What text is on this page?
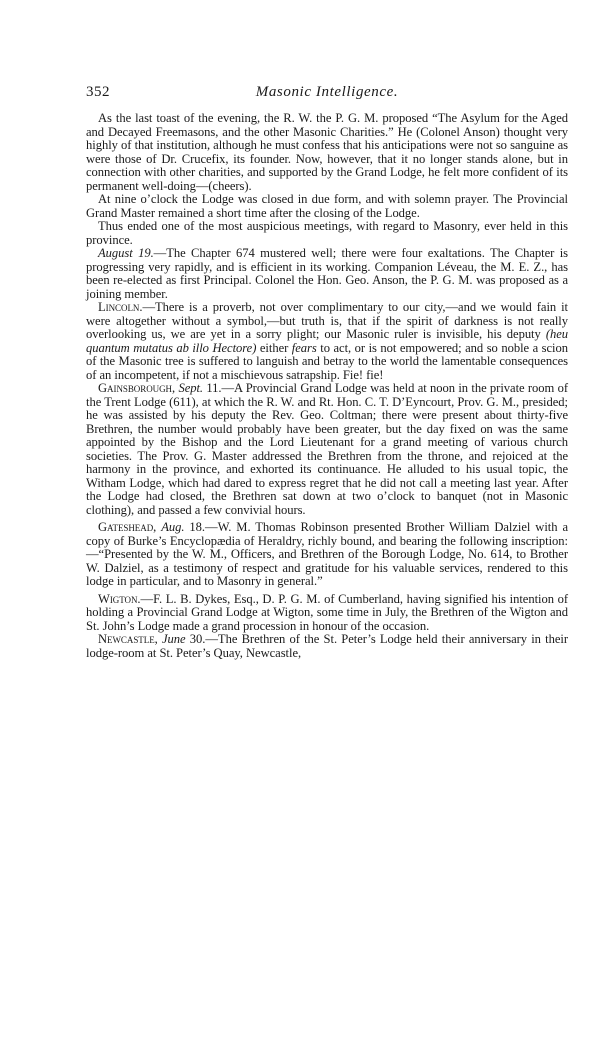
352	Masonic Intelligence.

As the last toast of the evening, the R. W. the P. G. M. proposed “The Asylum for the Aged and Decayed Freemasons, and the other Masonic Charities.” He (Colonel Anson) thought very highly of that institution, although he must confess that his anticipations were not so sanguine as were those of Dr. Crucefix, its founder. Now, however, that it no longer stands alone, but in connection with other charities, and supported by the Grand Lodge, he felt more confident of its permanent well-doing—(cheers).

At nine o’clock the Lodge was closed in due form, and with solemn prayer. The Provincial Grand Master remained a short time after the closing of the Lodge.

Thus ended one of the most auspicious meetings, with regard to Masonry, ever held in this province.

August 19.—The Chapter 674 mustered well; there were four exaltations. The Chapter is progressing very rapidly, and is efficient in its working. Companion Léveau, the M. E. Z., has been re-elected as first Principal. Colonel the Hon. Geo. Anson, the P. G. M. was proposed as a joining member.

Lincoln.—There is a proverb, not over complimentary to our city,—and we would fain it were altogether without a symbol,—but truth is, that if the spirit of darkness is not really overlooking us, we are yet in a sorry plight; our Masonic ruler is invisible, his deputy (heu quantum mutatus ab illo Hectore) either fears to act, or is not empowered; and so noble a scion of the Masonic tree is suffered to languish and betray to the world the lamentable consequences of an incompetent, if not a mischievous satrapship. Fie! fie!

Gainsborough, Sept. 11.—A Provincial Grand Lodge was held at noon in the private room of the Trent Lodge (611), at which the R. W. and Rt. Hon. C. T. D’Eyncourt, Prov. G. M., presided; he was assisted by his deputy the Rev. Geo. Coltman; there were present about thirty-five Brethren, the number would probably have been greater, but the day fixed on was the same appointed by the Bishop and the Lord Lieutenant for a grand meeting of various church societies. The Prov. G. Master addressed the Brethren from the throne, and rejoiced at the harmony in the province, and exhorted its continuance. He alluded to his usual topic, the Witham Lodge, which had dared to express regret that he did not call a meeting last year. After the Lodge had closed, the Brethren sat down at two o’clock to banquet (not in Masonic clothing), and passed a few convivial hours.

Gateshead, Aug. 18.—W. M. Thomas Robinson presented Brother William Dalziel with a copy of Burke’s Encyclopædia of Heraldry, richly bound, and bearing the following inscription:—“Presented by the W. M., Officers, and Brethren of the Borough Lodge, No. 614, to Brother W. Dalziel, as a testimony of respect and gratitude for his valuable services, rendered to this lodge in particular, and to Masonry in general.”

Wigton.—F. L. B. Dykes, Esq., D. P. G. M. of Cumberland, having signified his intention of holding a Provincial Grand Lodge at Wigton, some time in July, the Brethren of the Wigton and St. John’s Lodge made a grand procession in honour of the occasion.

Newcastle, June 30.—The Brethren of the St. Peter’s Lodge held their anniversary in their lodge-room at St. Peter’s Quay, Newcastle,
